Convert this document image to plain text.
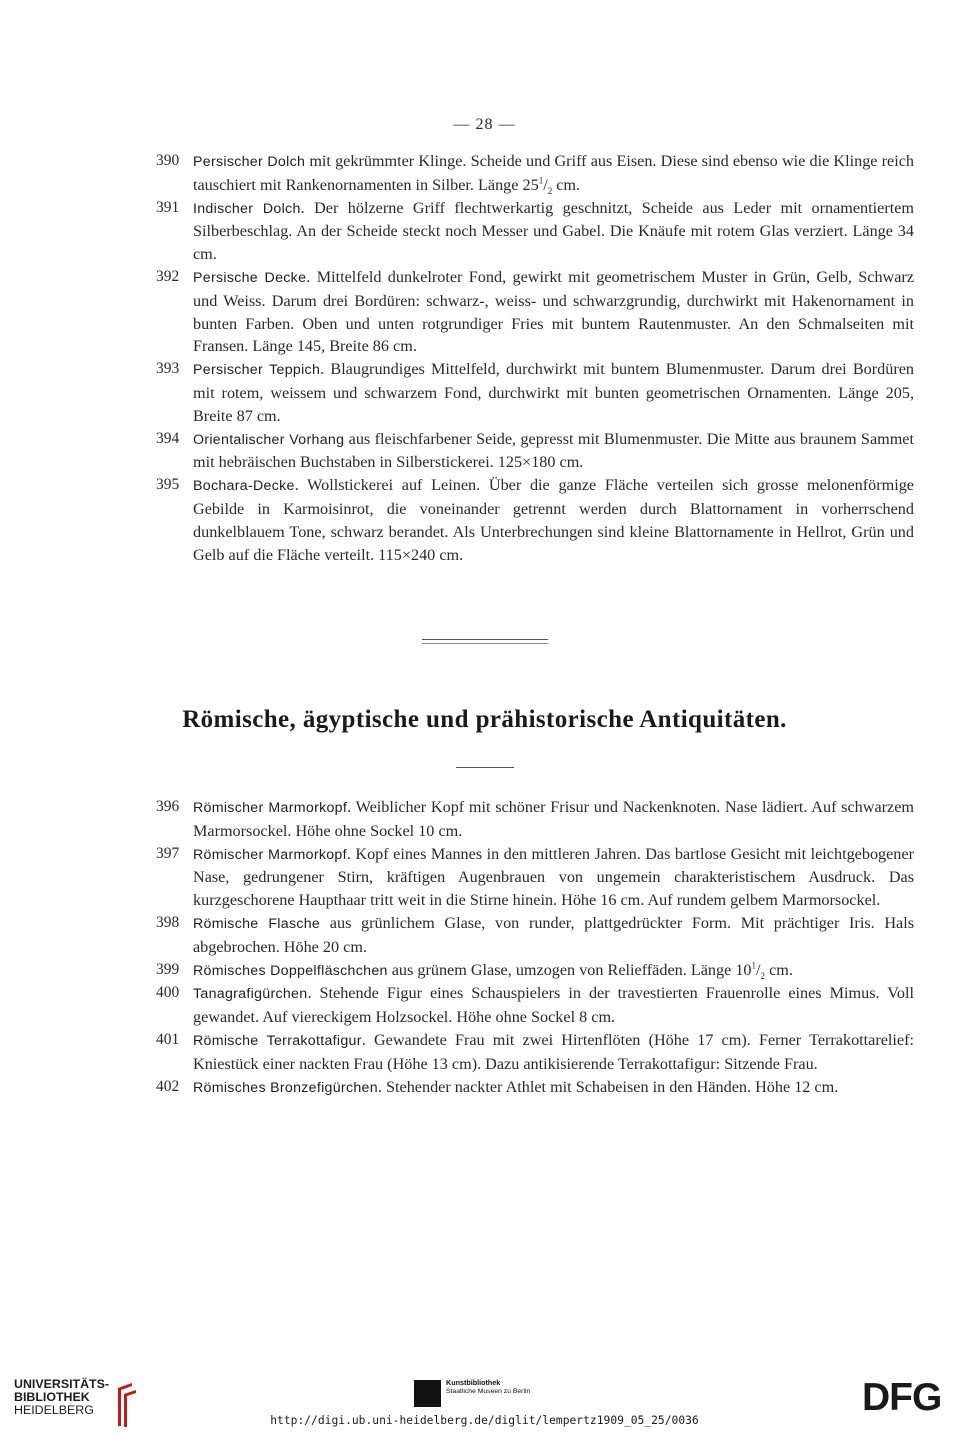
— 28 —
390 Persischer Dolch mit gekrümmter Klinge. Scheide und Griff aus Eisen. Diese sind ebenso wie die Klinge reich tauschiert mit Rankenornamenten in Silber. Länge $25^1/_2$ cm.
391 Indischer Dolch. Der hölzerne Griff flechtwerkartig geschnitzt, Scheide aus Leder mit ornamentiertem Silberbeschlag. An der Scheide steckt noch Messer und Gabel. Die Knäufe mit rotem Glas verziert. Länge 34 cm.
392 Persische Decke. Mittelfeld dunkelroter Fond, gewirkt mit geometrischem Muster in Grün, Gelb, Schwarz und Weiss. Darum drei Bordüren: schwarz-, weiss- und schwarzgrundig, durchwirkt mit Hakenornament in bunten Farben. Oben und unten rotgrundiger Fries mit buntem Rautenmuster. An den Schmalseiten mit Fransen. Länge 145, Breite 86 cm.
393 Persischer Teppich. Blaugrundiges Mittelfeld, durchwirkt mit buntem Blumenmuster. Darum drei Bordüren mit rotem, weissem und schwarzem Fond, durchwirkt mit bunten geometrischen Ornamenten. Länge 205, Breite 87 cm.
394 Orientalischer Vorhang aus fleischfarbener Seide, gepresst mit Blumenmuster. Die Mitte aus braunem Sammet mit hebräischen Buchstaben in Silberstickerei. 125×180 cm.
395 Bochara-Decke. Wollstickerei auf Leinen. Über die ganze Fläche verteilen sich grosse melonenförmige Gebilde in Karmoisinrot, die voneinander getrennt werden durch Blattornament in vorherrschend dunkelblauem Tone, schwarz berandet. Als Unterbrechungen sind kleine Blattornamente in Hellrot, Grün und Gelb auf die Fläche verteilt. 115×240 cm.
Römische, ägyptische und prähistorische Antiquitäten.
396 Römischer Marmorkopf. Weiblicher Kopf mit schöner Frisur und Nackenknoten. Nase lädiert. Auf schwarzem Marmorsockel. Höhe ohne Sockel 10 cm.
397 Römischer Marmorkopf. Kopf eines Mannes in den mittleren Jahren. Das bartlose Gesicht mit leichtgebogener Nase, gedrungener Stirn, kräftigen Augenbrauen von ungemein charakteristischem Ausdruck. Das kurzgeschorene Haupthaar tritt weit in die Stirne hinein. Höhe 16 cm. Auf rundem gelbem Marmorsockel.
398 Römische Flasche aus grünlichem Glase, von runder, plattgedrückter Form. Mit prächtiger Iris. Hals abgebrochen. Höhe 20 cm.
399 Römisches Doppelfläschchen aus grünem Glase, umzogen von Relieffäden. Länge $10^1/_2$ cm.
400 Tanagrafigürchen. Stehende Figur eines Schauspielers in der travestierten Frauenrolle eines Mimus. Voll gewandet. Auf viereckigem Holzsockel. Höhe ohne Sockel 8 cm.
401 Römische Terrakottafigur. Gewandete Frau mit zwei Hirtenflöten (Höhe 17 cm). Ferner Terrakottarelief: Kniestück einer nackten Frau (Höhe 13 cm). Dazu antikisierende Terrakottafigur: Sitzende Frau.
402 Römisches Bronzefigürchen. Stehender nackter Athlet mit Schabeisen in den Händen. Höhe 12 cm.
UNIVERSITÄTS-
BIBLIOTHEK
HEIDELBERG
Kunstbibliothek
Staatliche Museen zu Berlin	DFG
http://digi.ub.uni-heidelberg.de/diglit/lempertz1909_05_25/0036
